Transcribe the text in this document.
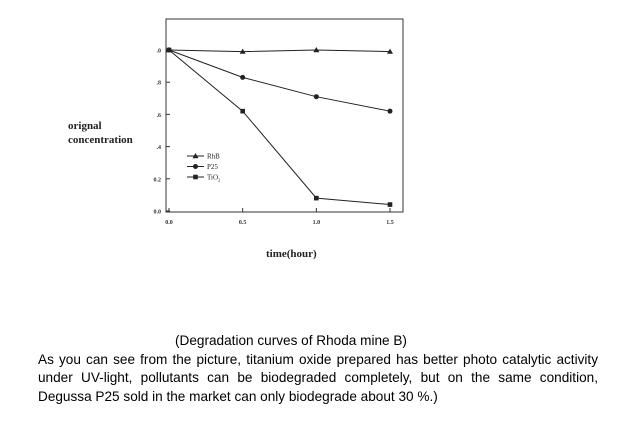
.0
.8
.6
.4
0.2
0.0
0.0	0.5	1.0	1.5
RhB
P25
TiO$_2$
orignal
concentration
time(hour)
(Degradation curves of Rhoda mine B)
As you can see from the picture, titanium oxide prepared has better photo catalytic activity under UV-light, pollutants can be biodegraded completely, but on the same condition, Degussa P25 sold in the market can only biodegrade about 30 %.)
